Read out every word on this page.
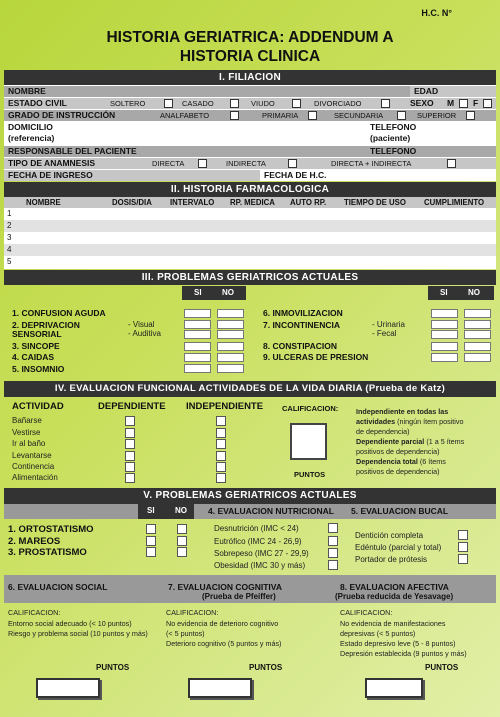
H.C. N°
HISTORIA GERIATRICA: ADDENDUM A
HISTORIA CLINICA
I. FILIACION
NOMBRE	EDAD
ESTADO CIVIL	SOLTERO	CASADO	VIUDO	DIVORCIADO	SEXO M F
GRADO DE INSTRUCCIÓN	ANALFABETO	PRIMARIA	SECUNDARIA	SUPERIOR
DOMICILIO
(referencia)
TELEFONO
(paciente)
RESPONSABLE DEL PACIENTE	TELEFONO
TIPO DE ANAMNESIS	DIRECTA	INDIRECTA	DIRECTA + INDIRECTA
FECHA DE INGRESO	FECHA DE H.C.
II. HISTORIA FARMACOLOGICA
NOMBRE	DOSIS/DIA INTERVALO RP. MEDICA AUTO RP. TIEMPO DE USO CUMPLIMIENTO
1
2
3
4
5
III. PROBLEMAS GERIATRICOS ACTUALES
SI	NO	SI	NO
1. CONFUSION AGUDA
2. DEPRIVACION	- Visual
SENSORIAL	- Auditiva
3. SINCOPE
4. CAIDAS
5. INSOMNIO
6. INMOVILIZACION
7. INCONTINENCIA	- Urinaria
- Fecal
8. CONSTIPACION
9. ULCERAS DE PRESION
IV. EVALUACION FUNCIONAL ACTIVIDADES DE LA VIDA DIARIA (Prueba de Katz)
ACTIVIDAD	DEPENDIENTE INDEPENDIENTE	CALIFICACION:
Bañarse
Vestirse
Ir al baño
Levantarse
Continencia
Alimentación	PUNTOS
Independiente en todas las
actividades (ningún ítem positivo
de dependencia)
Dependiente parcial (1 a 5 ítems
positivos de dependencia)
Dependencia total (6 ítems
positivos de dependencia)
V. PROBLEMAS GERIATRICOS ACTUALES
SI	NO 4. EVALUACION NUTRICIONAL 5. EVALUACION BUCAL
1. ORTOSTATISMO
2. MAREOS
3. PROSTATISMO
Desnutrición (IMC < 24)
Eutrófico (IMC 24 - 26,9)
Sobrepeso (IMC 27 - 29,9)
Obesidad (IMC 30 y más)
Dentición completa
Edéntulo (parcial y total)
Portador de prótesis
6. EVALUACION SOCIAL	7. EVALUACION COGNITIVA
(Prueba de Pfeiffer)
8. EVALUACION AFECTIVA
(Prueba reducida de Yesavage)
CALIFICACION:
Entorno social adecuado (< 10 puntos)
Riesgo y problema social (10 puntos y más)
CALIFICACION:
No evidencia de deterioro cognitivo
(< 5 puntos)
Deterioro cognitivo (5 puntos y más)
CALIFICACION:
No evidencia de manifestaciones
depresivas (< 5 puntos)
Estado depresivo leve (5 - 8 puntos)
Depresión establecida (9 puntos y más)
PUNTOS	PUNTOS	PUNTOS
